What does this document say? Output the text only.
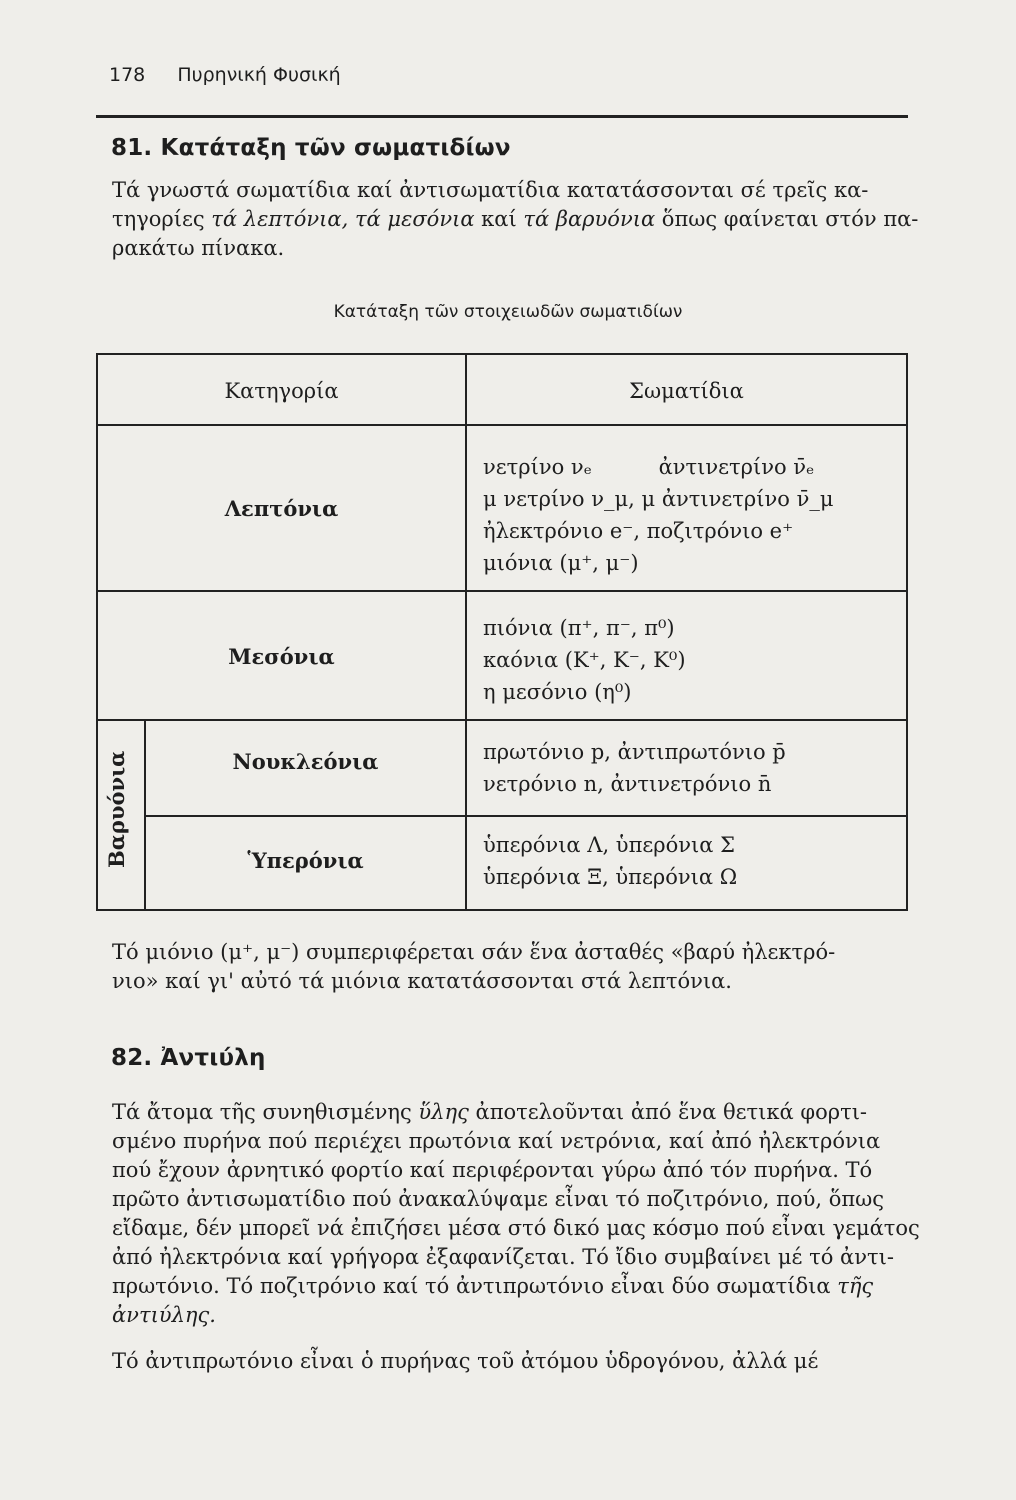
178 Πυρηνική Φυσική
81. Κατάταξη τῶν σωματιδίων
Τά γνωστά σωματίδια καί ἀντισωματίδια κατατάσσονται σέ τρεῖς κα-
τηγορίες τά λεπτόνια, τά μεσόνια καί τά βαρυόνια ὅπως φαίνεται στόν πα-
ρακάτω πίνακα.
Κατάταξη τῶν στοιχειωδῶν σωματιδίων
Κατηγορία	Σωματίδια
Λεπτόνια
νετρίνο νₑ          ἀντινετρίνο ν̄ₑ
μ νετρίνο ν_μ, μ ἀντινετρίνο ν̄_μ
ἠλεκτρόνιο e⁻, ποζιτρόνιο e⁺
μιόνια (μ⁺, μ⁻)
Μεσόνια
πιόνια (π⁺, π⁻, π⁰)
καόνια (K⁺, K⁻, K⁰)
η μεσόνιο (η⁰)
Νουκλεόνια	πρωτόνιο p, ἀντιπρωτόνιο p̄
νετρόνιο n, ἀντινετρόνιο n̄
Ὑπερόνια
ὑπερόνια Λ, ὑπερόνια Σ
ὑπερόνια Ξ, ὑπερόνια Ω
Βαρυόνια
Τό μιόνιο (μ⁺, μ⁻) συμπεριφέρεται σάν ἕνα ἀσταθές «βαρύ ἠλεκτρό-
νιο» καί γι' αὐτό τά μιόνια κατατάσσονται στά λεπτόνια.
82. Ἀντιύλη
Τά ἄτομα τῆς συνηθισμένης ὕλης ἀποτελοῦνται ἀπό ἕνα θετικά φορτι-
σμένο πυρήνα πού περιέχει πρωτόνια καί νετρόνια, καί ἀπό ἠλεκτρόνια
πού ἔχουν ἀρνητικό φορτίο καί περιφέρονται γύρω ἀπό τόν πυρήνα. Τό
πρῶτο ἀντισωματίδιο πού ἀνακαλύψαμε εἶναι τό ποζιτρόνιο, πού, ὅπως
εἴδαμε, δέν μπορεῖ νά ἐπιζήσει μέσα στό δικό μας κόσμο πού εἶναι γεμάτος
ἀπό ἠλεκτρόνια καί γρήγορα ἐξαφανίζεται. Τό ἴδιο συμβαίνει μέ τό ἀντι-
πρωτόνιο. Τό ποζιτρόνιο καί τό ἀντιπρωτόνιο εἶναι δύο σωματίδια τῆς
ἀντιύλης.
Τό ἀντιπρωτόνιο εἶναι ὁ πυρήνας τοῦ ἀτόμου ὑδρογόνου, ἀλλά μέ
